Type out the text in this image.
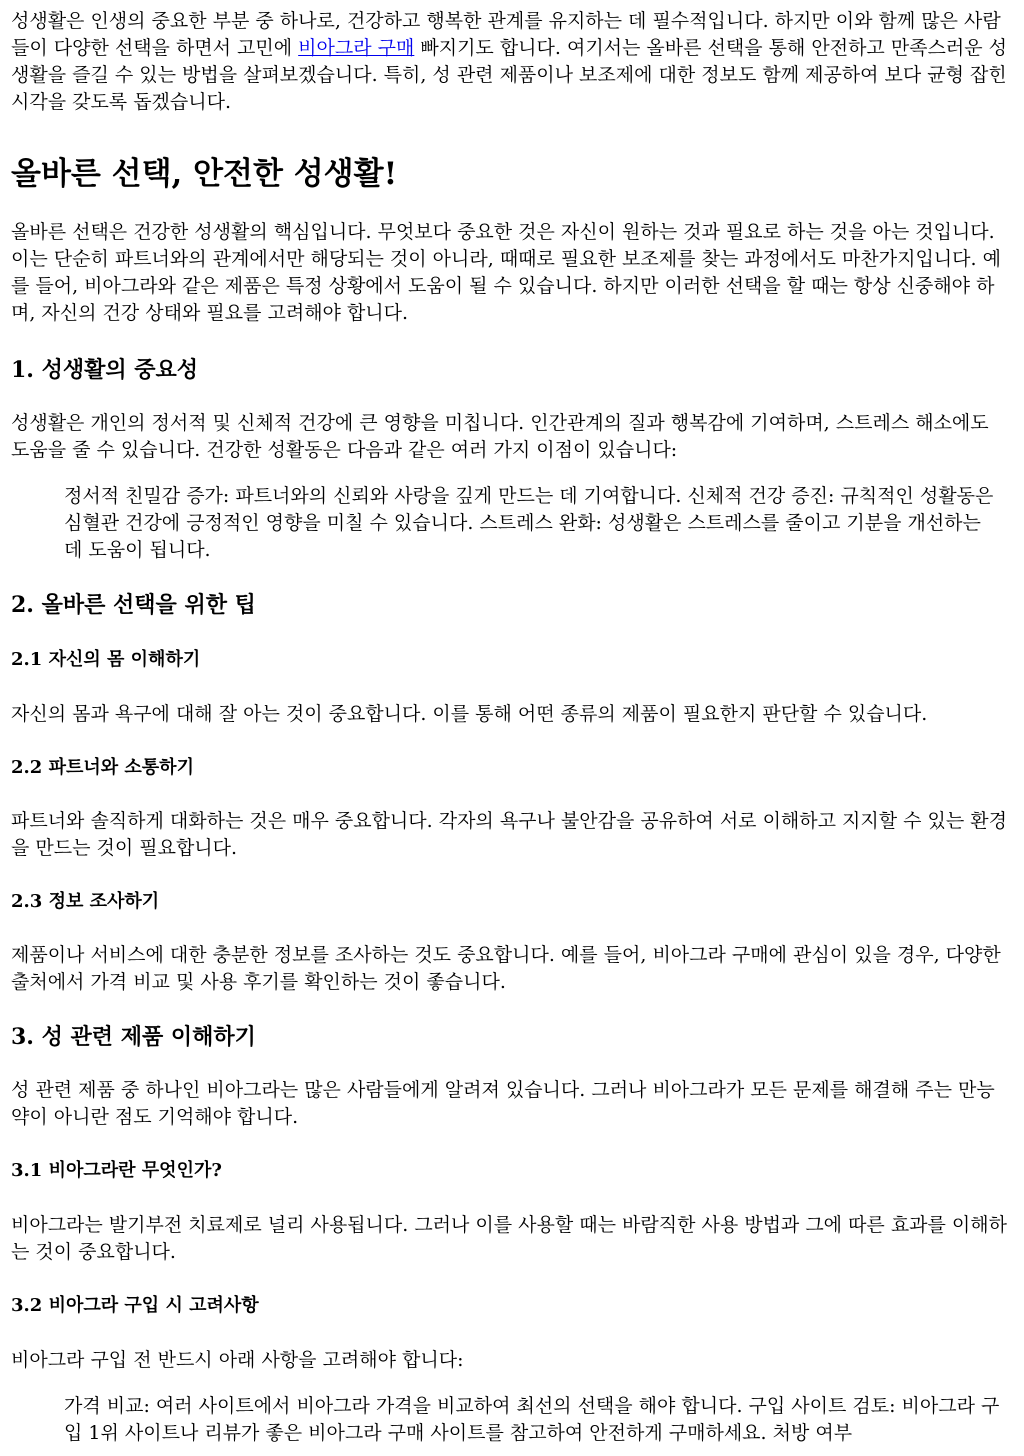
성생활은 인생의 중요한 부분 중 하나로, 건강하고 행복한 관계를 유지하는 데 필수적입니다. 하지만 이와 함께 많은 사람들이 다양한 선택을 하면서 고민에 비아그라 구매 빠지기도 합니다. 여기서는 올바른 선택을 통해 안전하고 만족스러운 성생활을 즐길 수 있는 방법을 살펴보겠습니다. 특히, 성 관련 제품이나 보조제에 대한 정보도 함께 제공하여 보다 균형 잡힌 시각을 갖도록 돕겠습니다.

올바른 선택, 안전한 성생활!

올바른 선택은 건강한 성생활의 핵심입니다. 무엇보다 중요한 것은 자신이 원하는 것과 필요로 하는 것을 아는 것입니다. 이는 단순히 파트너와의 관계에서만 해당되는 것이 아니라, 때때로 필요한 보조제를 찾는 과정에서도 마찬가지입니다. 예를 들어, 비아그라와 같은 제품은 특정 상황에서 도움이 될 수 있습니다. 하지만 이러한 선택을 할 때는 항상 신중해야 하며, 자신의 건강 상태와 필요를 고려해야 합니다.

1. 성생활의 중요성

성생활은 개인의 정서적 및 신체적 건강에 큰 영향을 미칩니다. 인간관계의 질과 행복감에 기여하며, 스트레스 해소에도 도움을 줄 수 있습니다. 건강한 성활동은 다음과 같은 여러 가지 이점이 있습니다:

정서적 친밀감 증가: 파트너와의 신뢰와 사랑을 깊게 만드는 데 기여합니다. 신체적 건강 증진: 규칙적인 성활동은 심혈관 건강에 긍정적인 영향을 미칠 수 있습니다. 스트레스 완화: 성생활은 스트레스를 줄이고 기분을 개선하는 데 도움이 됩니다.

2. 올바른 선택을 위한 팁
2.1 자신의 몸 이해하기

자신의 몸과 욕구에 대해 잘 아는 것이 중요합니다. 이를 통해 어떤 종류의 제품이 필요한지 판단할 수 있습니다.

2.2 파트너와 소통하기

파트너와 솔직하게 대화하는 것은 매우 중요합니다. 각자의 욕구나 불안감을 공유하여 서로 이해하고 지지할 수 있는 환경을 만드는 것이 필요합니다.

2.3 정보 조사하기

제품이나 서비스에 대한 충분한 정보를 조사하는 것도 중요합니다. 예를 들어, 비아그라 구매에 관심이 있을 경우, 다양한 출처에서 가격 비교 및 사용 후기를 확인하는 것이 좋습니다.

3. 성 관련 제품 이해하기

성 관련 제품 중 하나인 비아그라는 많은 사람들에게 알려져 있습니다. 그러나 비아그라가 모든 문제를 해결해 주는 만능약이 아니란 점도 기억해야 합니다.

3.1 비아그라란 무엇인가?

비아그라는 발기부전 치료제로 널리 사용됩니다. 그러나 이를 사용할 때는 바람직한 사용 방법과 그에 따른 효과를 이해하는 것이 중요합니다.

3.2 비아그라 구입 시 고려사항

비아그라 구입 전 반드시 아래 사항을 고려해야 합니다:

가격 비교: 여러 사이트에서 비아그라 가격을 비교하여 최선의 선택을 해야 합니다. 구입 사이트 검토: 비아그라 구입 1위 사이트나 리뷰가 좋은 비아그라 구매 사이트를 참고하여 안전하게 구매하세요. 처방 여부
